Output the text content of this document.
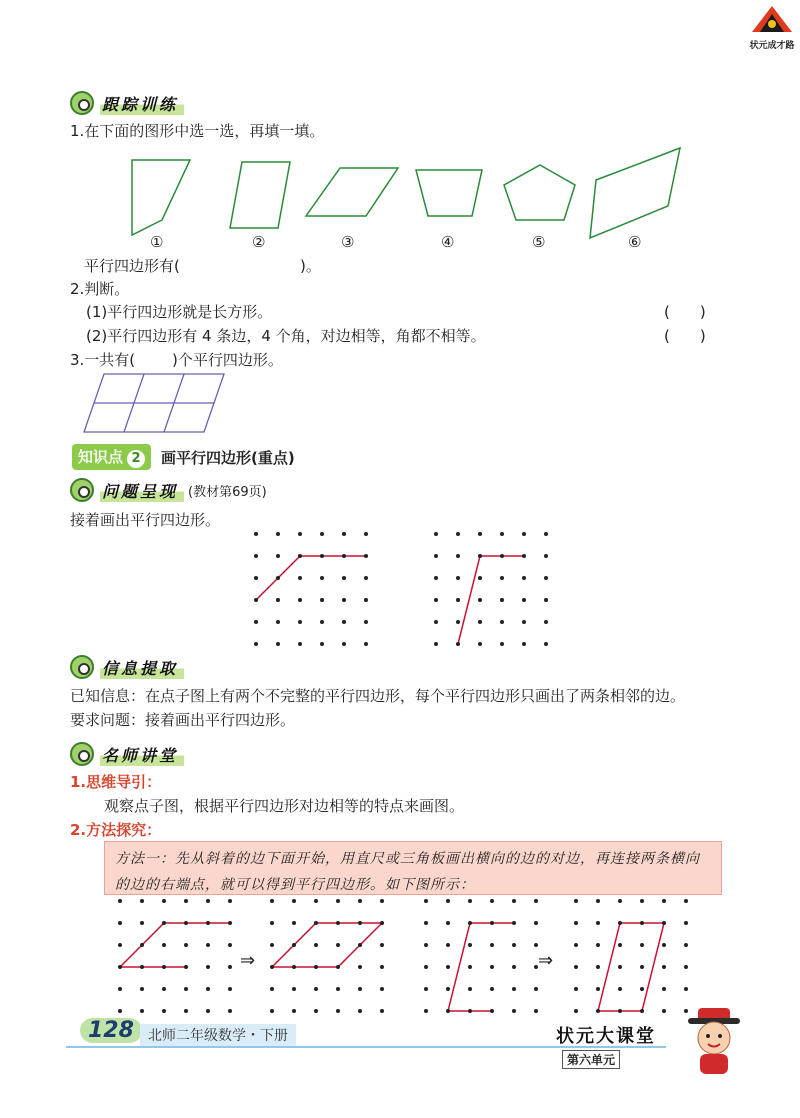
状元成才路
跟踪训练
1.在下面的图形中选一选，再填一填。
①	②	③	④	⑤	⑥
平行四边形有(	)。
2.判断。
(1)平行四边形就是长方形。	(　　)
(2)平行四边形有 4 条边，4 个角，对边相等，角都不相等。	(　　)
3.一共有( )个平行四边形。
知识点 2	画平行四边形(重点)
问题呈现 (教材第69页)
接着画出平行四边形。
信息提取
已知信息：在点子图上有两个不完整的平行四边形，每个平行四边形只画出了两条相邻的边。
要求问题：接着画出平行四边形。
名师讲堂
1.思维导引：
观察点子图，根据平行四边形对边相等的特点来画图。
2.方法探究：
方法一：先从斜着的边下面开始，用直尺或三角板画出横向的边的对边，再连接两条横向的边的右端点，就可以得到平行四边形。如下图所示：
⇒	⇒
128	北师二年级数学・下册	状元大课堂
第六单元
